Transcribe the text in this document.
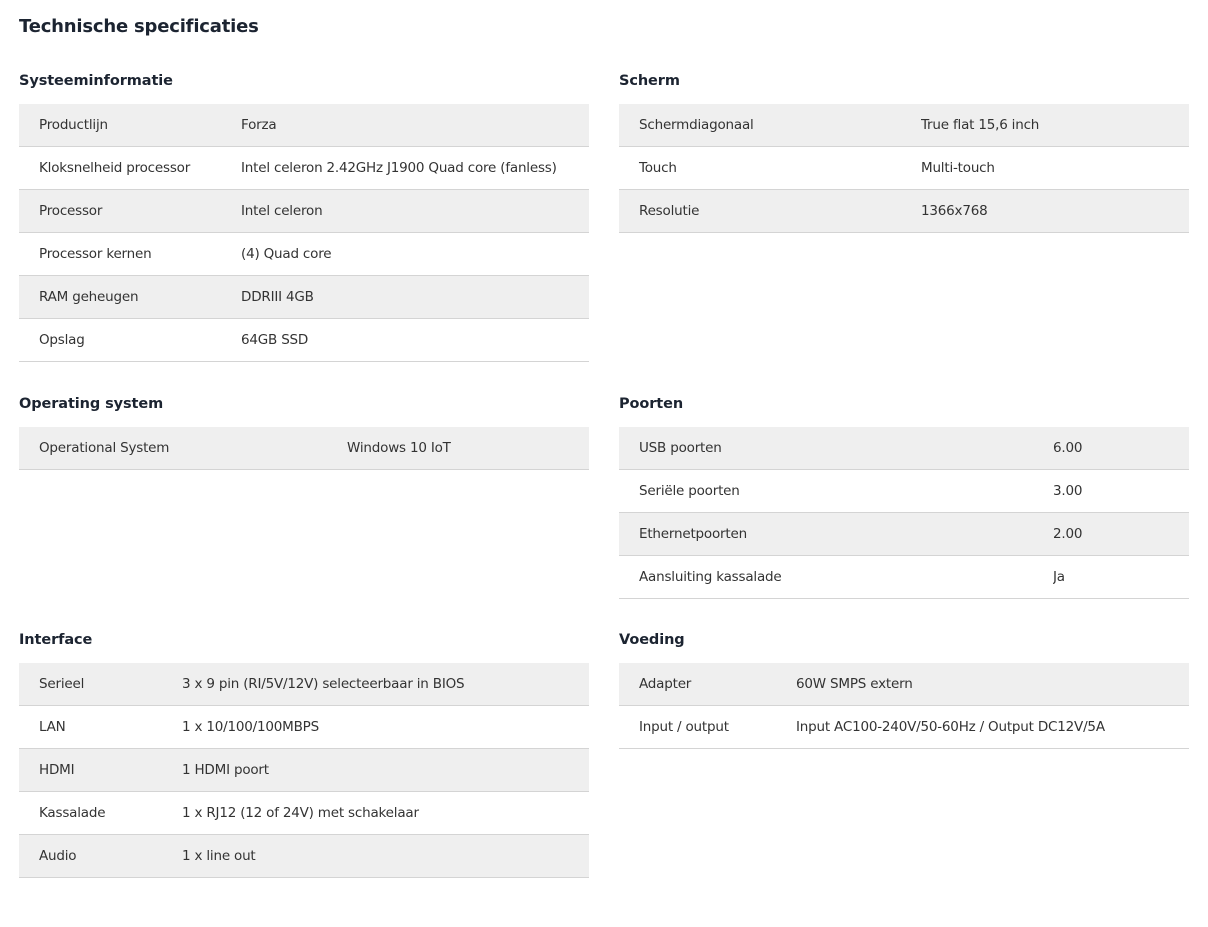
Technische specificaties
Systeeminformatie
Productlijn	Forza
Kloksnelheid processor	Intel celeron 2.42GHz J1900 Quad core (fanless)
Processor	Intel celeron
Processor kernen	(4) Quad core
RAM geheugen	DDRIII 4GB
Opslag	64GB SSD
Scherm
Schermdiagonaal	True flat 15,6 inch
Touch	Multi-touch
Resolutie	1366x768
Operating system
Operational System	Windows 10 IoT
Poorten
USB poorten	6.00
Seriële poorten	3.00
Ethernetpoorten	2.00
Aansluiting kassalade	Ja
Interface
Serieel	3 x 9 pin (RI/5V/12V) selecteerbaar in BIOS
LAN	1 x 10/100/100MBPS
HDMI	1 HDMI poort
Kassalade	1 x RJ12 (12 of 24V) met schakelaar
Audio	1 x line out
Voeding
Adapter	60W SMPS extern
Input / output	Input AC100-240V/50-60Hz / Output DC12V/5A
